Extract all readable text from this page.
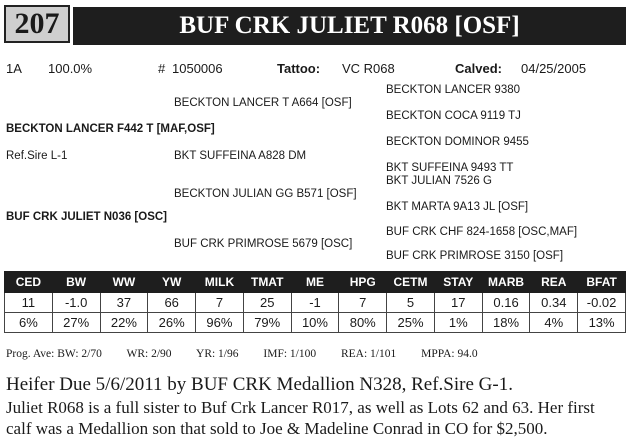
207	BUF CRK JULIET R068 [OSF]
1A 100.0%	# 1050006	Tattoo: VC R068	Calved: 04/25/2005
BECKTON LANCER 9380
BECKTON LANCER T A664 [OSF]
BECKTON COCA 9119 TJ
BECKTON LANCER F442 T [MAF,OSF]
BECKTON DOMINOR 9455
Ref.Sire L-1	BKT SUFFEINA A828 DM
BKT SUFFEINA 9493 TT
BKT JULIAN 7526 G
BECKTON JULIAN GG B571 [OSF]
BKT MARTA 9A13 JL [OSF]
BUF CRK JULIET N036 [OSC]
BUF CRK CHF 824-1658 [OSC,MAF]
BUF CRK PRIMROSE 5679 [OSC]
BUF CRK PRIMROSE 3150 [OSF]
CED	BW	WW	YW	MILK	TMAT	ME	HPG	CETM	STAY	MARB	REA	BFAT
11	-1.0	37	66	7	25	-1	7	5	17	0.16	0.34	-0.02
6%	27%	22%	26%	96%	79%	10%	80%	25%	1%	18%	4%	13%
Prog. Ave: BW: 2/70 WR: 2/90 YR: 1/96 IMF: 1/100 REA: 1/101 MPPA: 94.0
Heifer Due 5/6/2011 by BUF CRK Medallion N328, Ref.Sire G-1.
Juliet R068 is a full sister to Buf Crk Lancer R017, as well as Lots 62 and 63. Her first calf was a Medallion son that sold to Joe & Madeline Conrad in CO for $2,500.
